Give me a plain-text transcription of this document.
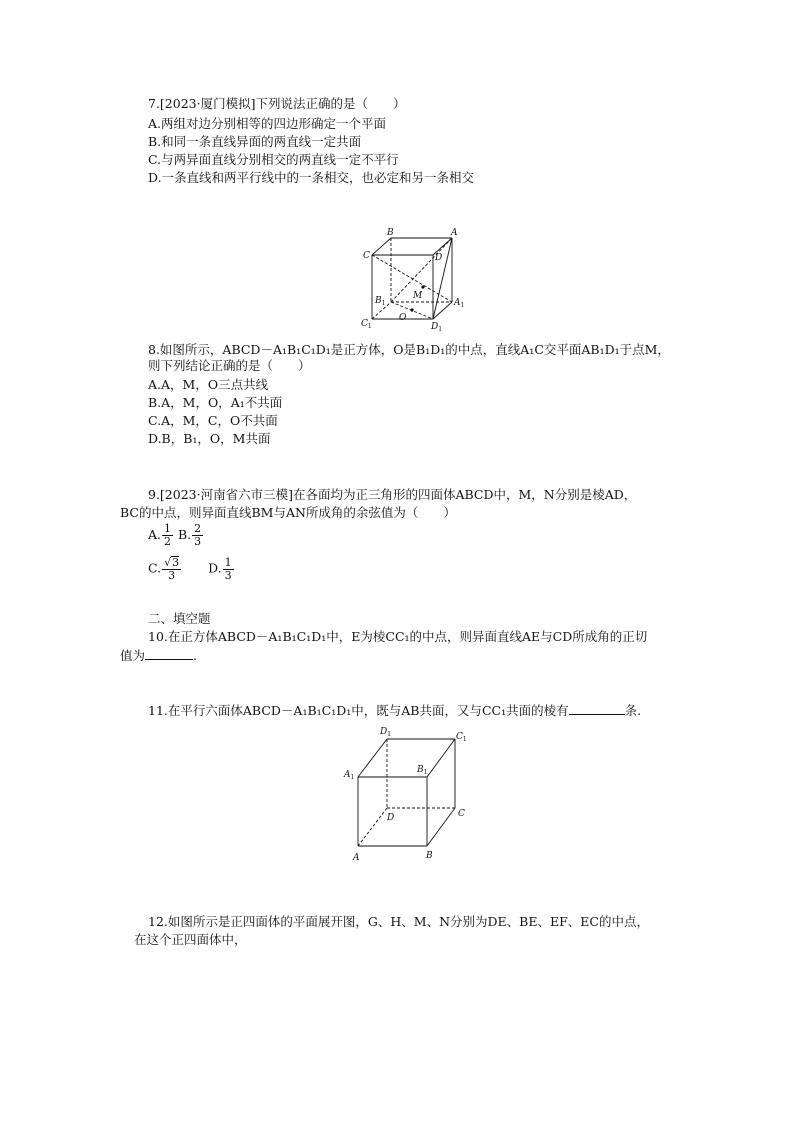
7.[2023·厦门模拟]下列说法正确的是（　　）
A.两组对边分别相等的四边形确定一个平面
B.和同一条直线异面的两直线一定共面
C.与两异面直线分别相交的两直线一定不平行
D.一条直线和两平行线中的一条相交，也必定和另一条相交
B	A
C	D
$B_1$	$A_1$
$C_1$	$D_1$
M
O
8.如图所示，ABCD－A₁B₁C₁D₁是正方体，O是B₁D₁的中点，直线A₁C交平面AB₁D₁于点M，
则下列结论正确的是（　　）
A.A，M，O三点共线
B.A，M，O，A₁不共面
C.A，M，C，O不共面
D.B，B₁，O，M共面
9.[2023·河南省六市三模]在各面均为正三角形的四面体ABCD中，M，N分别是棱AD，
BC的中点，则异面直线BM与AN所成角的余弦值为（　　）
A. $\frac{1}{2} B$. $\frac{2}{3}$
C. $\frac{√3}{3} D$. $\frac{1}{3}$
二、填空题
10.在正方体ABCD－A₁B₁C₁D₁中，E为棱CC₁的中点，则异面直线AE与CD所成角的正切
值为	.
11.在平行六面体ABCD－A₁B₁C₁D₁中，既与AB共面，又与CC₁共面的棱有	条.
$D_1$	$C_1$
$A_1$
$B_1$
D	C
A	B
12.如图所示是正四面体的平面展开图，G、H、M、N分别为DE、BE、EF、EC的中点，
在这个正四面体中，
